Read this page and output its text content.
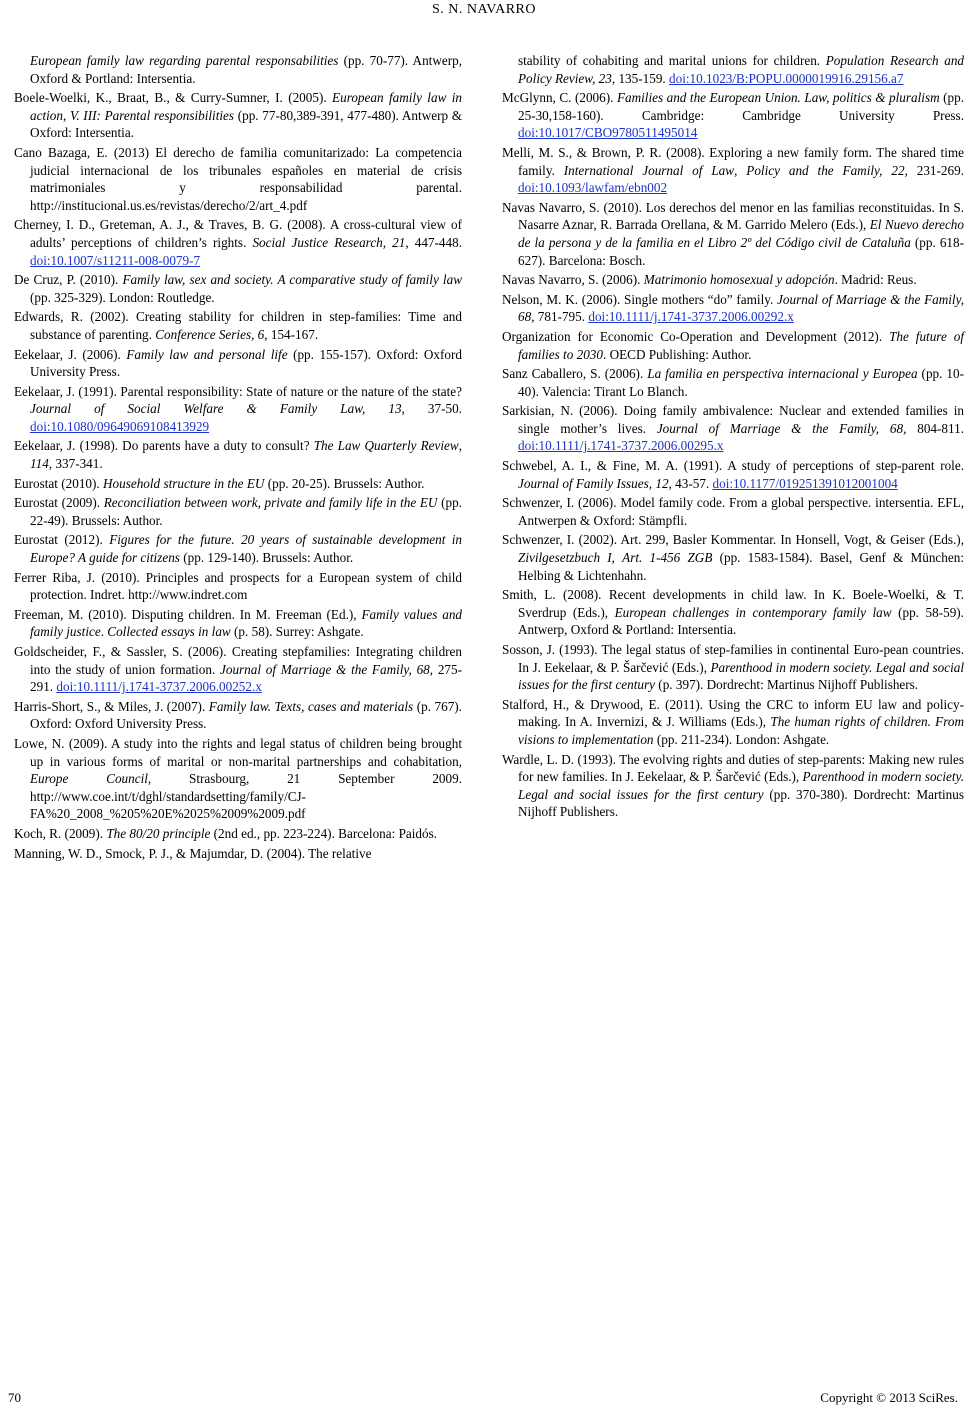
S. N. NAVARRO

European family law regarding parental responsabilities (pp. 70-77). Antwerp, Oxford & Portland: Intersentia.

Boele-Woelki, K., Braat, B., & Curry-Sumner, I. (2005). European family law in action, V. III: Parental responsibilities (pp. 77-80,389-391, 477-480). Antwerp & Oxford: Intersentia.

Cano Bazaga, E. (2013) El derecho de familia comunitarizado: La competencia judicial internacional de los tribunales españoles en material de crisis matrimoniales y responsabilidad parental. http://institucional.us.es/revistas/derecho/2/art_4.pdf

Cherney, I. D., Greteman, A. J., & Traves, B. G. (2008). A cross-cultural view of adults’ perceptions of children’s rights. Social Justice Research, 21, 447-448. doi:10.1007/s11211-008-0079-7

De Cruz, P. (2010). Family law, sex and society. A comparative study of family law (pp. 325-329). London: Routledge.

Edwards, R. (2002). Creating stability for children in step-families: Time and substance of parenting. Conference Series, 6, 154-167.

Eekelaar, J. (2006). Family law and personal life (pp. 155-157). Oxford: Oxford University Press.

Eekelaar, J. (1991). Parental responsibility: State of nature or the nature of the state? Journal of Social Welfare & Family Law, 13, 37-50. doi:10.1080/09649069108413929

Eekelaar, J. (1998). Do parents have a duty to consult? The Law Quarterly Review, 114, 337-341.

Eurostat (2010). Household structure in the EU (pp. 20-25). Brussels: Author.

Eurostat (2009). Reconciliation between work, private and family life in the EU (pp. 22-49). Brussels: Author.

Eurostat (2012). Figures for the future. 20 years of sustainable development in Europe? A guide for citizens (pp. 129-140). Brussels: Author.

Ferrer Riba, J. (2010). Principles and prospects for a European system of child protection. Indret. http://www.indret.com

Freeman, M. (2010). Disputing children. In M. Freeman (Ed.), Family values and family justice. Collected essays in law (p. 58). Surrey: Ashgate.

Goldscheider, F., & Sassler, S. (2006). Creating stepfamilies: Integrating children into the study of union formation. Journal of Marriage & the Family, 68, 275-291. doi:10.1111/j.1741-3737.2006.00252.x

Harris-Short, S., & Miles, J. (2007). Family law. Texts, cases and materials (p. 767). Oxford: Oxford University Press.

Lowe, N. (2009). A study into the rights and legal status of children being brought up in various forms of marital or non-marital partnerships and cohabitation, Europe Council, Strasbourg, 21 September 2009. http://www.coe.int/t/dghl/standardsetting/family/CJ-FA%20_2008_%205%20E%2025%2009%2009.pdf

Koch, R. (2009). The 80/20 principle (2nd ed., pp. 223-224). Barcelona: Paidós.

Manning, W. D., Smock, P. J., & Majumdar, D. (2004). The relative

stability of cohabiting and marital unions for children. Population Research and Policy Review, 23, 135-159. doi:10.1023/B:POPU.0000019916.29156.a7

McGlynn, C. (2006). Families and the European Union. Law, politics & pluralism (pp. 25-30,158-160). Cambridge: Cambridge University Press. doi:10.1017/CBO9780511495014

Melli, M. S., & Brown, P. R. (2008). Exploring a new family form. The shared time family. International Journal of Law, Policy and the Family, 22, 231-269. doi:10.1093/lawfam/ebn002

Navas Navarro, S. (2010). Los derechos del menor en las familias reconstituidas. In S. Nasarre Aznar, R. Barrada Orellana, & M. Garrido Melero (Eds.), El Nuevo derecho de la persona y de la familia en el Libro 2º del Código civil de Cataluña (pp. 618-627). Barcelona: Bosch.

Navas Navarro, S. (2006). Matrimonio homosexual y adopción. Madrid: Reus.

Nelson, M. K. (2006). Single mothers “do” family. Journal of Marriage & the Family, 68, 781-795. doi:10.1111/j.1741-3737.2006.00292.x

Organization for Economic Co-Operation and Development (2012). The future of families to 2030. OECD Publishing: Author.

Sanz Caballero, S. (2006). La familia en perspectiva internacional y Europea (pp. 10-40). Valencia: Tirant Lo Blanch.

Sarkisian, N. (2006). Doing family ambivalence: Nuclear and extended families in single mother’s lives. Journal of Marriage & the Family, 68, 804-811. doi:10.1111/j.1741-3737.2006.00295.x

Schwebel, A. I., & Fine, M. A. (1991). A study of perceptions of step-parent role. Journal of Family Issues, 12, 43-57. doi:10.1177/019251391012001004

Schwenzer, I. (2006). Model family code. From a global perspective. intersentia. EFL, Antwerpen & Oxford: Stämpfli.

Schwenzer, I. (2002). Art. 299, Basler Kommentar. In Honsell, Vogt, & Geiser (Eds.), Zivilgesetzbuch I, Art. 1-456 ZGB (pp. 1583-1584). Basel, Genf & München: Helbing & Lichtenhahn.

Smith, L. (2008). Recent developments in child law. In K. Boele-Woelki, & T. Sverdrup (Eds.), European challenges in contemporary family law (pp. 58-59). Antwerp, Oxford & Portland: Intersentia.

Sosson, J. (1993). The legal status of step-families in continental Euro-pean countries. In J. Eekelaar, & P. Šarčević (Eds.), Parenthood in modern society. Legal and social issues for the first century (p. 397). Dordrecht: Martinus Nijhoff Publishers.

Stalford, H., & Drywood, E. (2011). Using the CRC to inform EU law and policy-making. In A. Invernizi, & J. Williams (Eds.), The human rights of children. From visions to implementation (pp. 211-234). London: Ashgate.

Wardle, L. D. (1993). The evolving rights and duties of step-parents: Making new rules for new families. In J. Eekelaar, & P. Šarčević (Eds.), Parenthood in modern society. Legal and social issues for the first century (pp. 370-380). Dordrecht: Martinus Nijhoff Publishers.

70	Copyright © 2013 SciRes.
